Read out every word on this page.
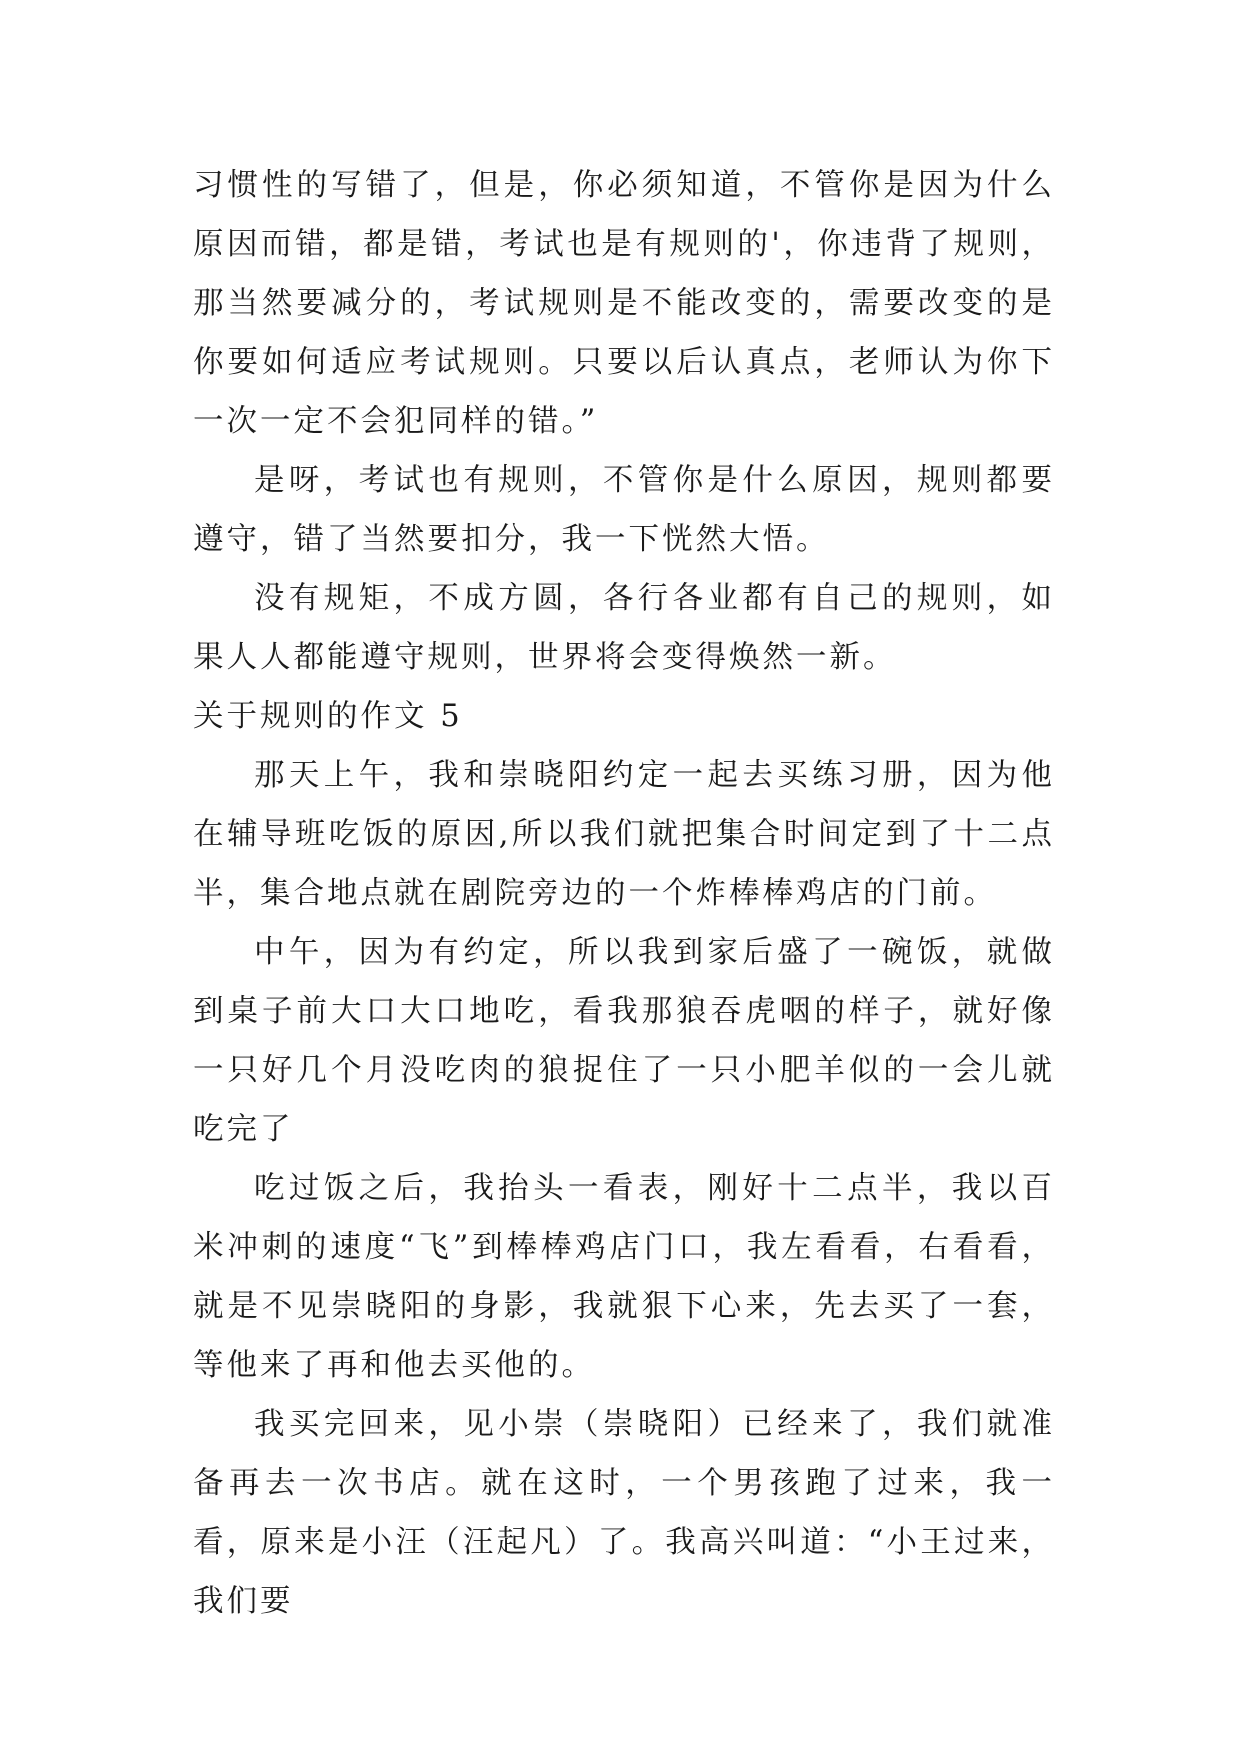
习惯性的写错了，但是，你必须知道，不管你是因为什么原因而错，都是错，考试也是有规则的'，你违背了规则，那当然要减分的，考试规则是不能改变的，需要改变的是你要如何适应考试规则。只要以后认真点，老师认为你下一次一定不会犯同样的错。”

是呀，考试也有规则，不管你是什么原因，规则都要遵守，错了当然要扣分，我一下恍然大悟。

没有规矩，不成方圆，各行各业都有自己的规则，如果人人都能遵守规则，世界将会变得焕然一新。

关于规则的作文 5

那天上午，我和崇晓阳约定一起去买练习册，因为他在辅导班吃饭的原因,所以我们就把集合时间定到了十二点半，集合地点就在剧院旁边的一个炸棒棒鸡店的门前。

中午，因为有约定，所以我到家后盛了一碗饭，就做到桌子前大口大口地吃，看我那狼吞虎咽的样子，就好像一只好几个月没吃肉的狼捉住了一只小肥羊似的一会儿就吃完了

吃过饭之后，我抬头一看表，刚好十二点半，我以百米冲刺的速度“飞”到棒棒鸡店门口，我左看看，右看看，就是不见崇晓阳的身影，我就狠下心来，先去买了一套，等他来了再和他去买他的。

我买完回来，见小崇（崇晓阳）已经来了，我们就准备再去一次书店。就在这时，一个男孩跑了过来，我一看，原来是小汪（汪起凡）了。我高兴叫道：“小王过来，我们要
